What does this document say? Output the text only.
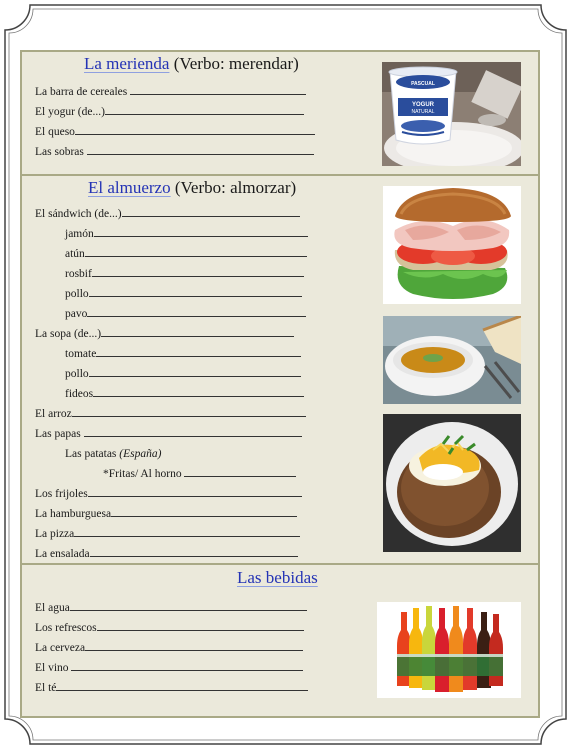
La merienda (Verbo: merendar)
La barra de cereales
El yogur (de...)
El queso
Las sobras
PASCUAL
YOGUR
NATURAL
El almuerzo (Verbo: almorzar)
El sándwich (de...)
jamón
atún
rosbif
pollo
pavo
La sopa (de...)
tomate
pollo
fideos
El arroz
Las papas
Las patatas (España)
*Fritas/ Al horno
Los frijoles
La hamburguesa
La pizza
La ensalada
Las bebidas
El agua
Los refrescos
La cerveza
El vino
El té
